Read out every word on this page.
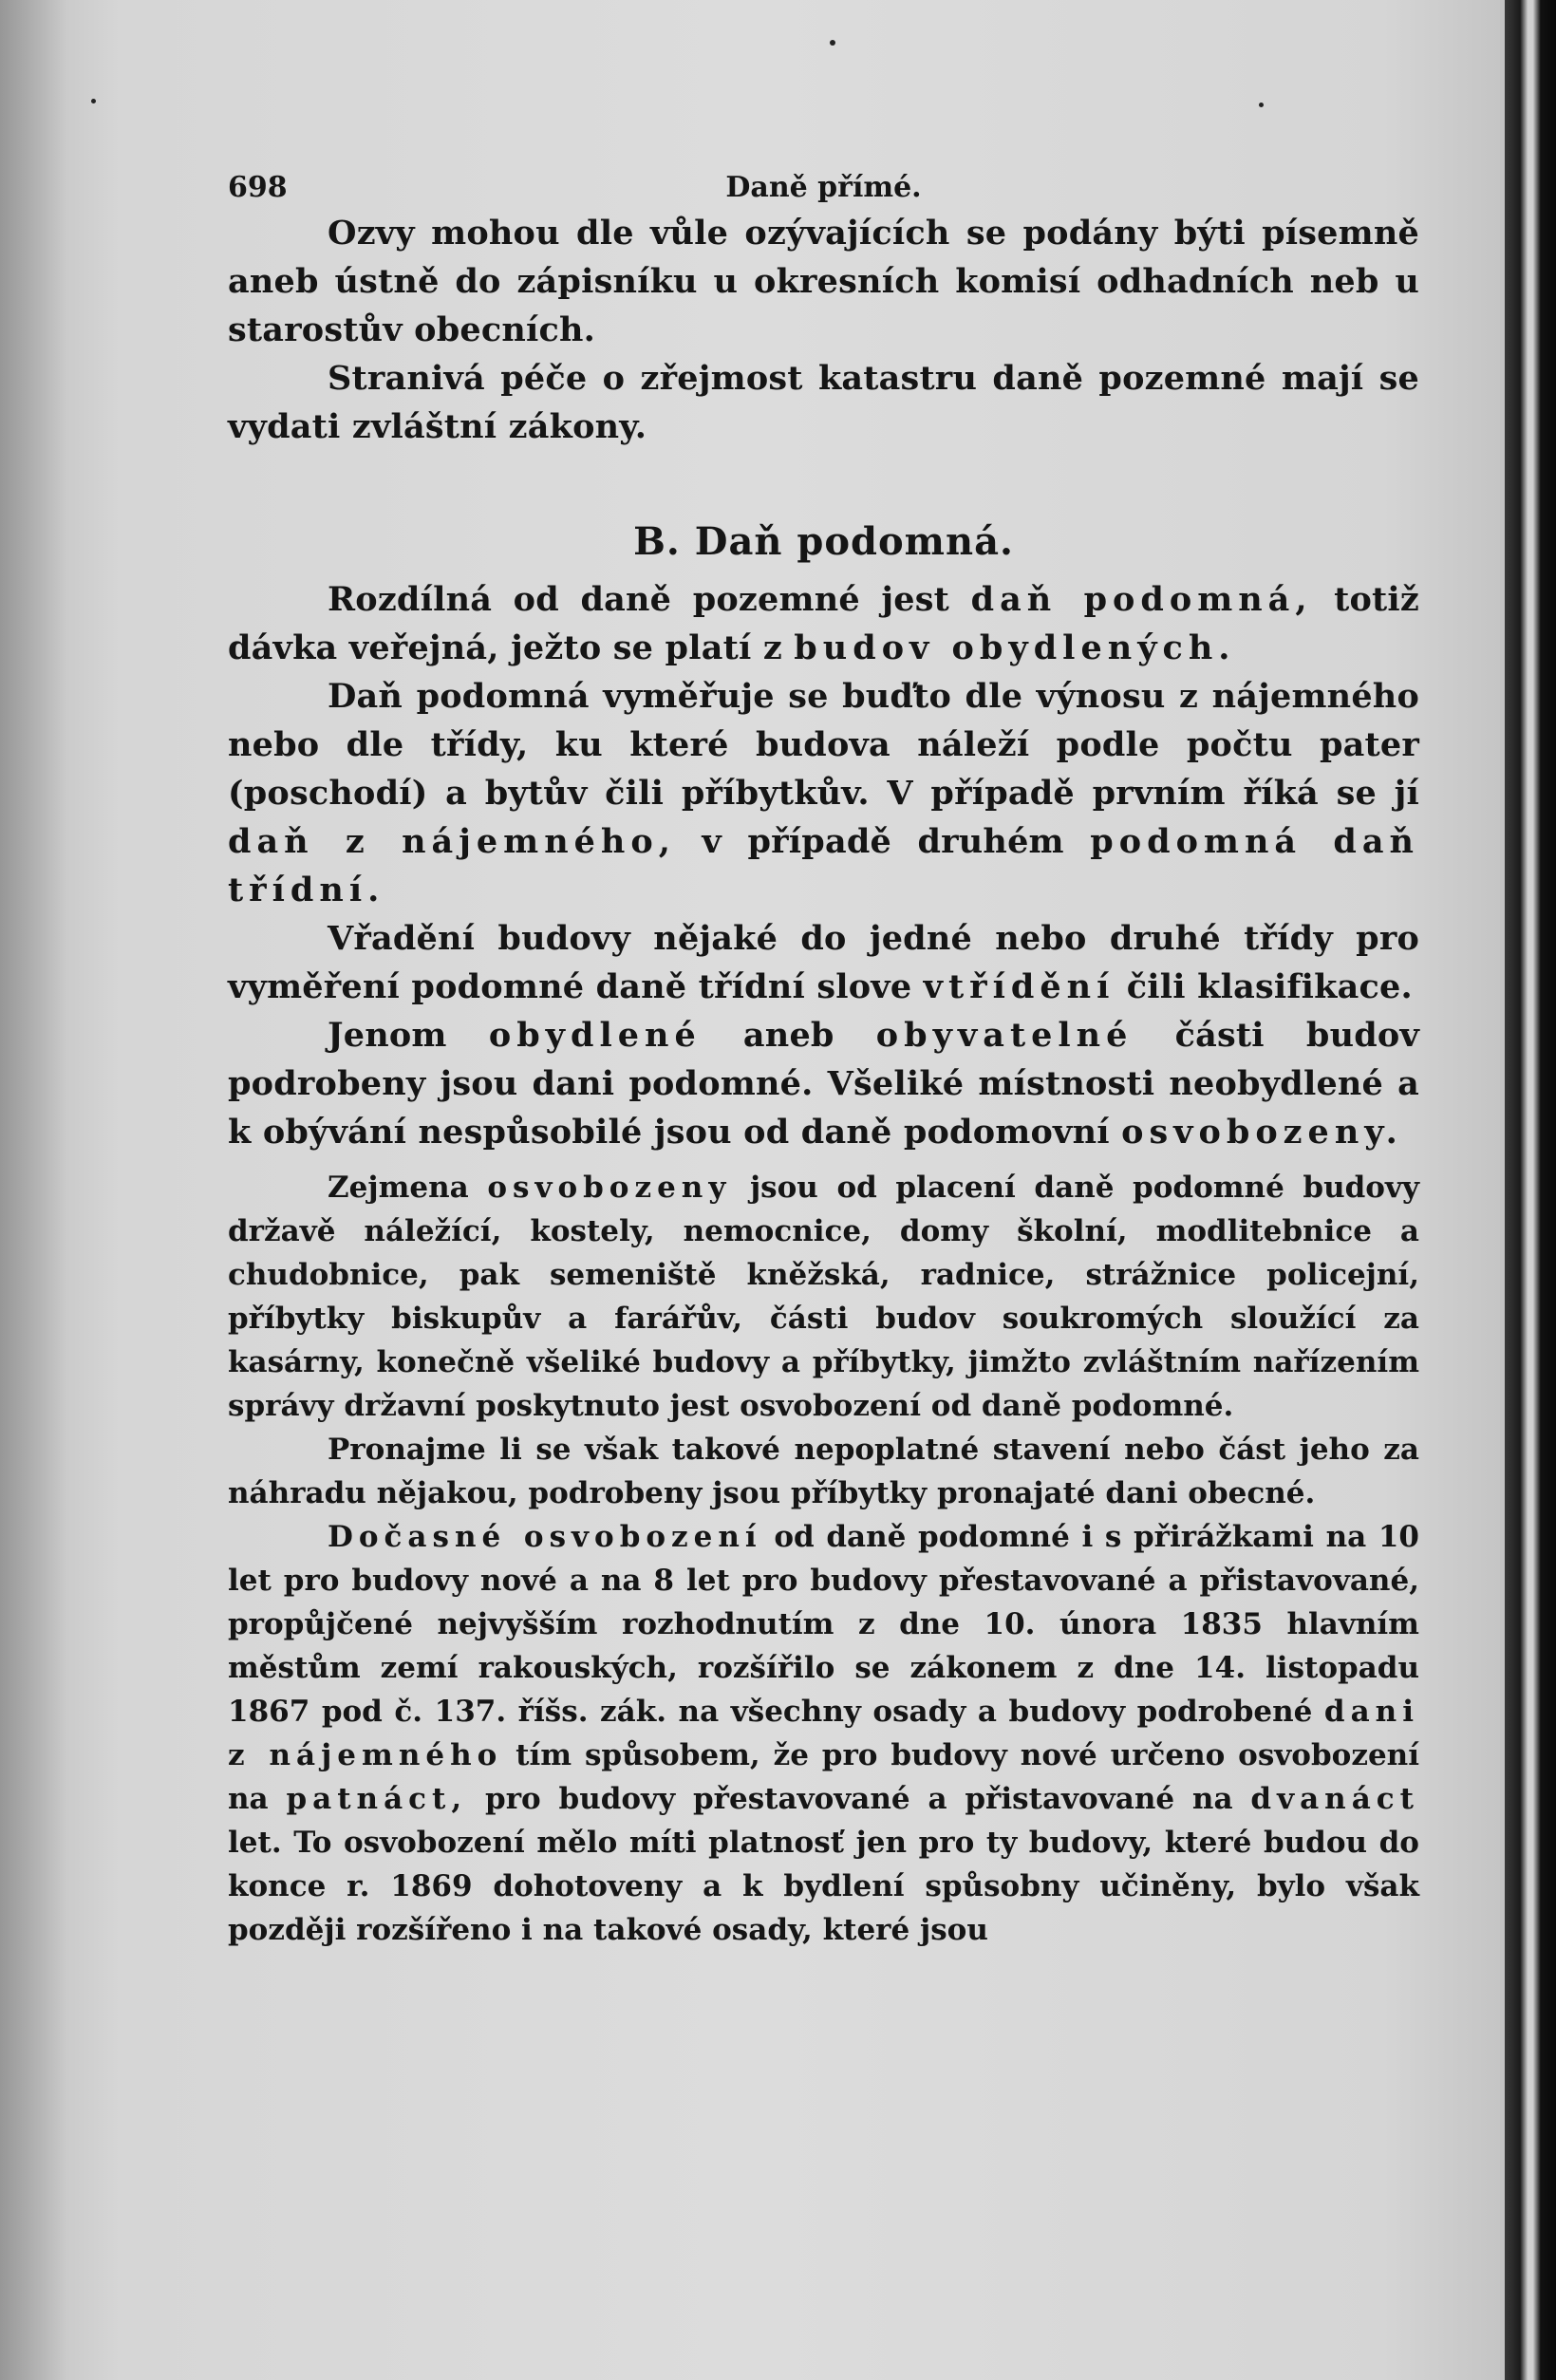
698	Daně přímé.

Ozvy mohou dle vůle ozývajících se podány býti písemně aneb ústně do zápisníku u okresních komisí odhadních neb u starostův obecních.

Stranivá péče o zřejmost katastru daně pozemné mají se vydati zvláštní zákony.

B. Daň podomná.

Rozdílná od daně pozemné jest daň podomná, totiž dávka veřejná, ježto se platí z budov obydlených.

Daň podomná vyměřuje se buďto dle výnosu z nájemného nebo dle třídy, ku které budova náleží podle počtu pater (poschodí) a bytův čili příbytkův. V případě prvním říká se jí daň z nájemného, v případě druhém podomná daň třídní.

Vřadění budovy nějaké do jedné nebo druhé třídy pro vyměření podomné daně třídní slove vtřídění čili klasifikace.

Jenom obydlené aneb obyvatelné části budov podrobeny jsou dani podomné. Všeliké místnosti neobydlené a k obývání nespůsobilé jsou od daně podomovní osvobozeny.

Zejmena osvobozeny jsou od placení daně podomné budovy državě náležící, kostely, nemocnice, domy školní, modlitebnice a chudobnice, pak semeniště kněžská, radnice, strážnice policejní, příbytky biskupův a farářův, části budov soukromých sloužící za kasárny, konečně všeliké budovy a příbytky, jimžto zvláštním nařízením správy državní poskytnuto jest osvobození od daně podomné.

Pronajme li se však takové nepoplatné stavení nebo část jeho za náhradu nějakou, podrobeny jsou příbytky pronajaté dani obecné.

Dočasné osvobození od daně podomné i s přirážkami na 10 let pro budovy nové a na 8 let pro budovy přestavované a přistavované, propůjčené nejvyšším rozhodnutím z dne 10. února 1835 hlavním městům zemí rakouských, rozšířilo se zákonem z dne 14. listopadu 1867 pod č. 137. říšs. zák. na všechny osady a budovy podrobené dani z nájemného tím spůsobem, že pro budovy nové určeno osvobození na patnáct, pro budovy přestavované a přistavované na dvanáct let. To osvobození mělo míti platnosť jen pro ty budovy, které budou do konce r. 1869 dohotoveny a k bydlení spůsobny učiněny, bylo však později rozšířeno i na takové osady, které jsou
